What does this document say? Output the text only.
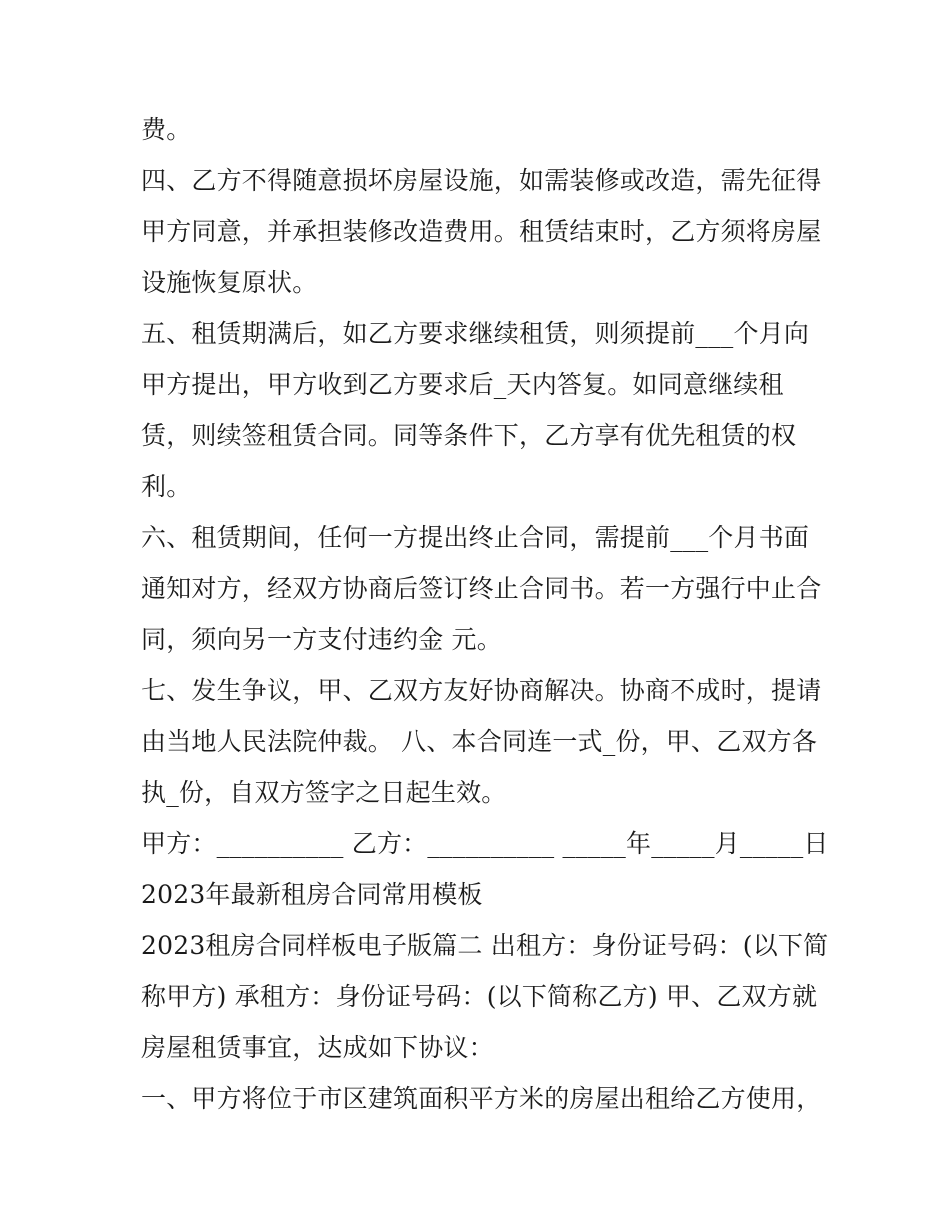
费。
四、乙方不得随意损坏房屋设施，如需装修或改造，需先征得
甲方同意，并承担装修改造费用。租赁结束时，乙方须将房屋
设施恢复原状。
五、租赁期满后，如乙方要求继续租赁，则须提前___个月向
甲方提出，甲方收到乙方要求后_天内答复。如同意继续租
赁，则续签租赁合同。同等条件下，乙方享有优先租赁的权
利。
六、租赁期间，任何一方提出终止合同，需提前___个月书面
通知对方，经双方协商后签订终止合同书。若一方强行中止合
同，须向另一方支付违约金 元。
七、发生争议，甲、乙双方友好协商解决。协商不成时，提请
由当地人民法院仲裁。 八、本合同连一式_份，甲、乙双方各
执_份，自双方签字之日起生效。
甲方：__________ 乙方：__________ _____年_____月_____日
2023年最新租房合同常用模板
2023租房合同样板电子版篇二 出租方：身份证号码：(以下简
称甲方) 承租方：身份证号码：(以下简称乙方) 甲、乙双方就
房屋租赁事宜，达成如下协议：
一、甲方将位于市区建筑面积平方米的房屋出租给乙方使用，
